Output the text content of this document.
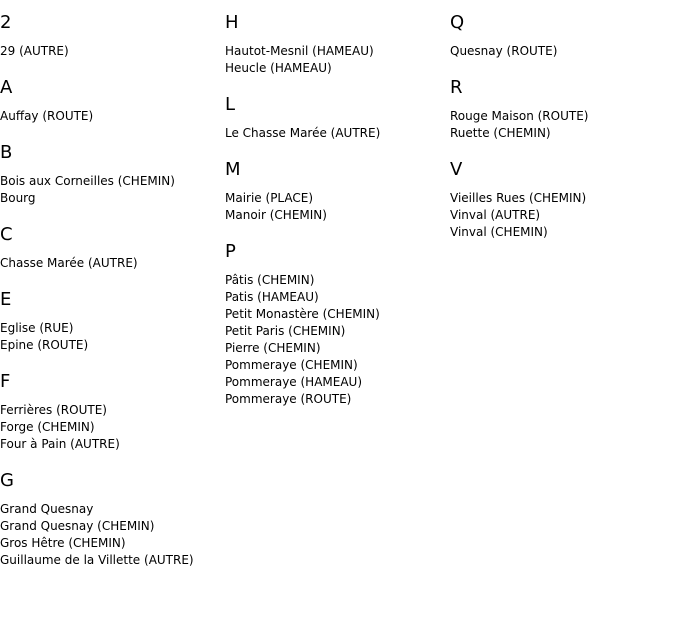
2
29 (AUTRE)
A
Auffay (ROUTE)
B
Bois aux Corneilles (CHEMIN)
Bourg
C
Chasse Marée (AUTRE)
E
Eglise (RUE)
Epine (ROUTE)
F
Ferrières (ROUTE)
Forge (CHEMIN)
Four à Pain (AUTRE)
G
Grand Quesnay
Grand Quesnay (CHEMIN)
Gros Hêtre (CHEMIN)
Guillaume de la Villette (AUTRE)
H
Hautot-Mesnil (HAMEAU)
Heucle (HAMEAU)
L
Le Chasse Marée (AUTRE)
M
Mairie (PLACE)
Manoir (CHEMIN)
P
Pâtis (CHEMIN)
Patis (HAMEAU)
Petit Monastère (CHEMIN)
Petit Paris (CHEMIN)
Pierre (CHEMIN)
Pommeraye (CHEMIN)
Pommeraye (HAMEAU)
Pommeraye (ROUTE)
Q
Quesnay (ROUTE)
R
Rouge Maison (ROUTE)
Ruette (CHEMIN)
V
Vieilles Rues (CHEMIN)
Vinval (AUTRE)
Vinval (CHEMIN)
